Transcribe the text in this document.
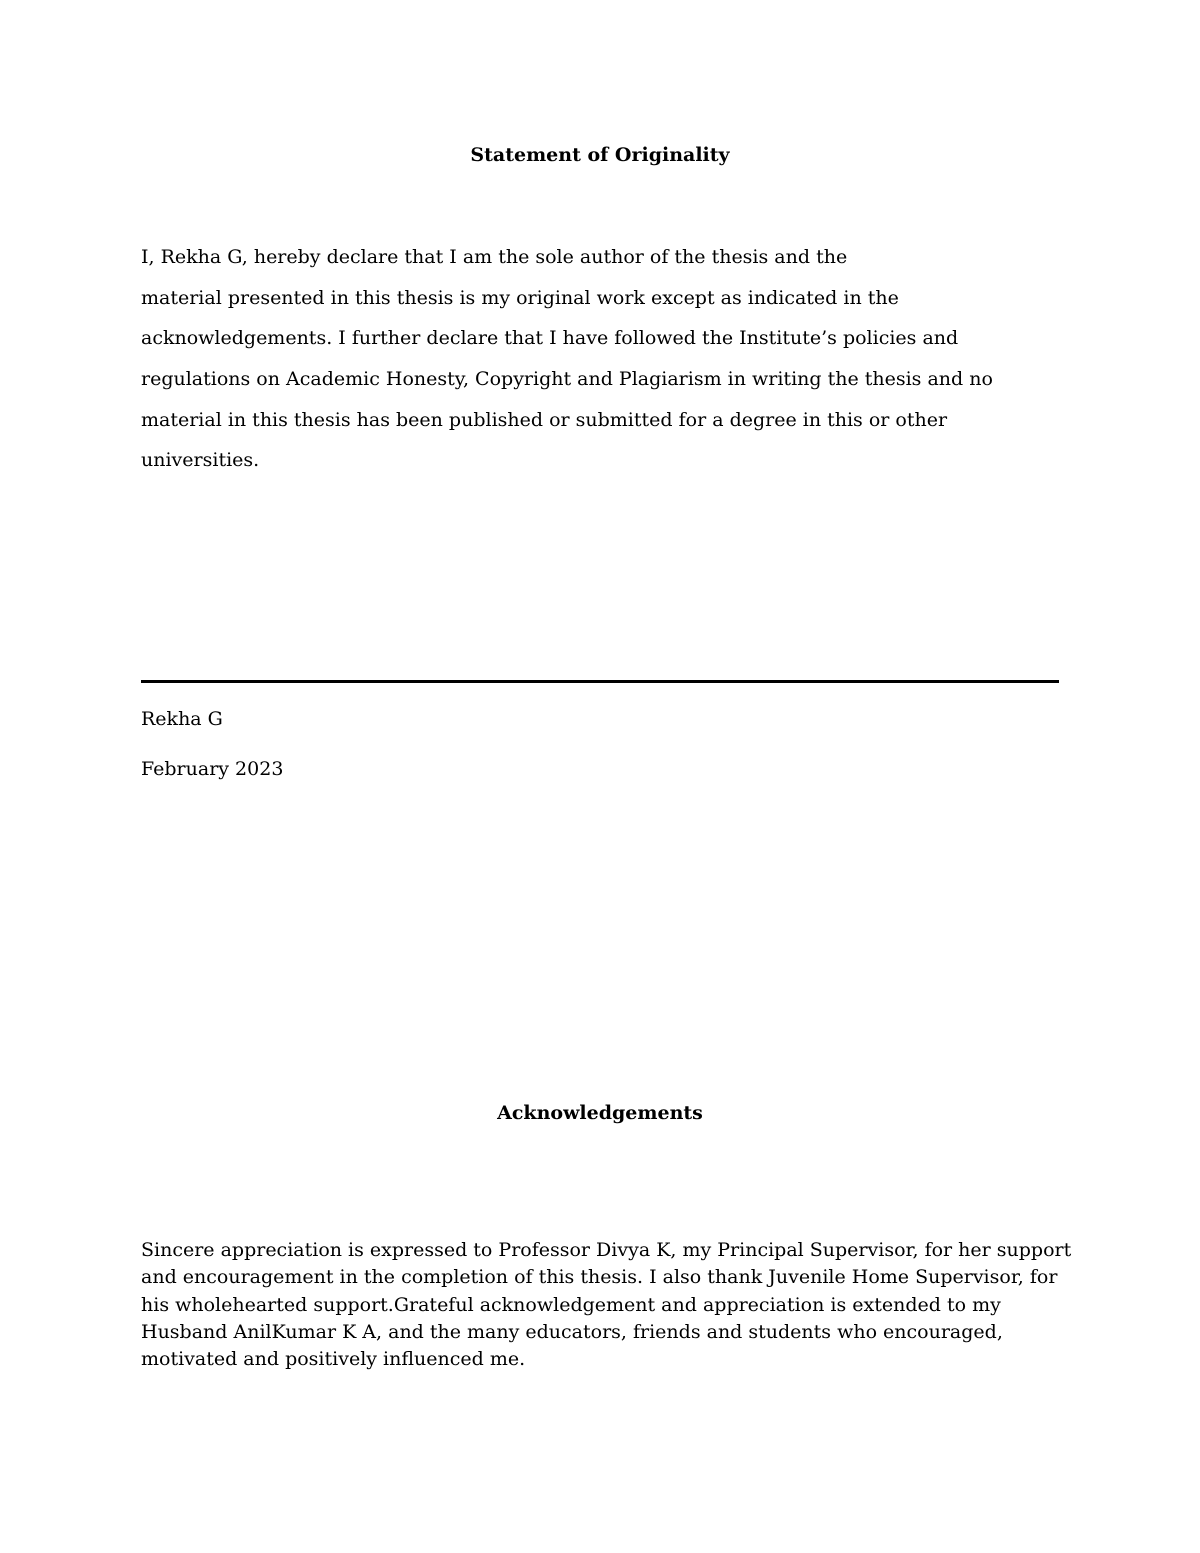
Statement of Originality
I, Rekha G, hereby declare that I am the sole author of the thesis and the
material presented in this thesis is my original work except as indicated in the
acknowledgements. I further declare that I have followed the Institute’s policies and
regulations on Academic Honesty, Copyright and Plagiarism in writing the thesis and no
material in this thesis has been published or submitted for a degree in this or other
universities.
Rekha G
February 2023
Acknowledgements
Sincere appreciation is expressed to Professor Divya K, my Principal Supervisor, for her support
and encouragement in the completion of this thesis. I also thank Juvenile Home Supervisor, for
his wholehearted support.Grateful acknowledgement and appreciation is extended to my
Husband AnilKumar K A, and the many educators, friends and students who encouraged,
motivated and positively influenced me.
